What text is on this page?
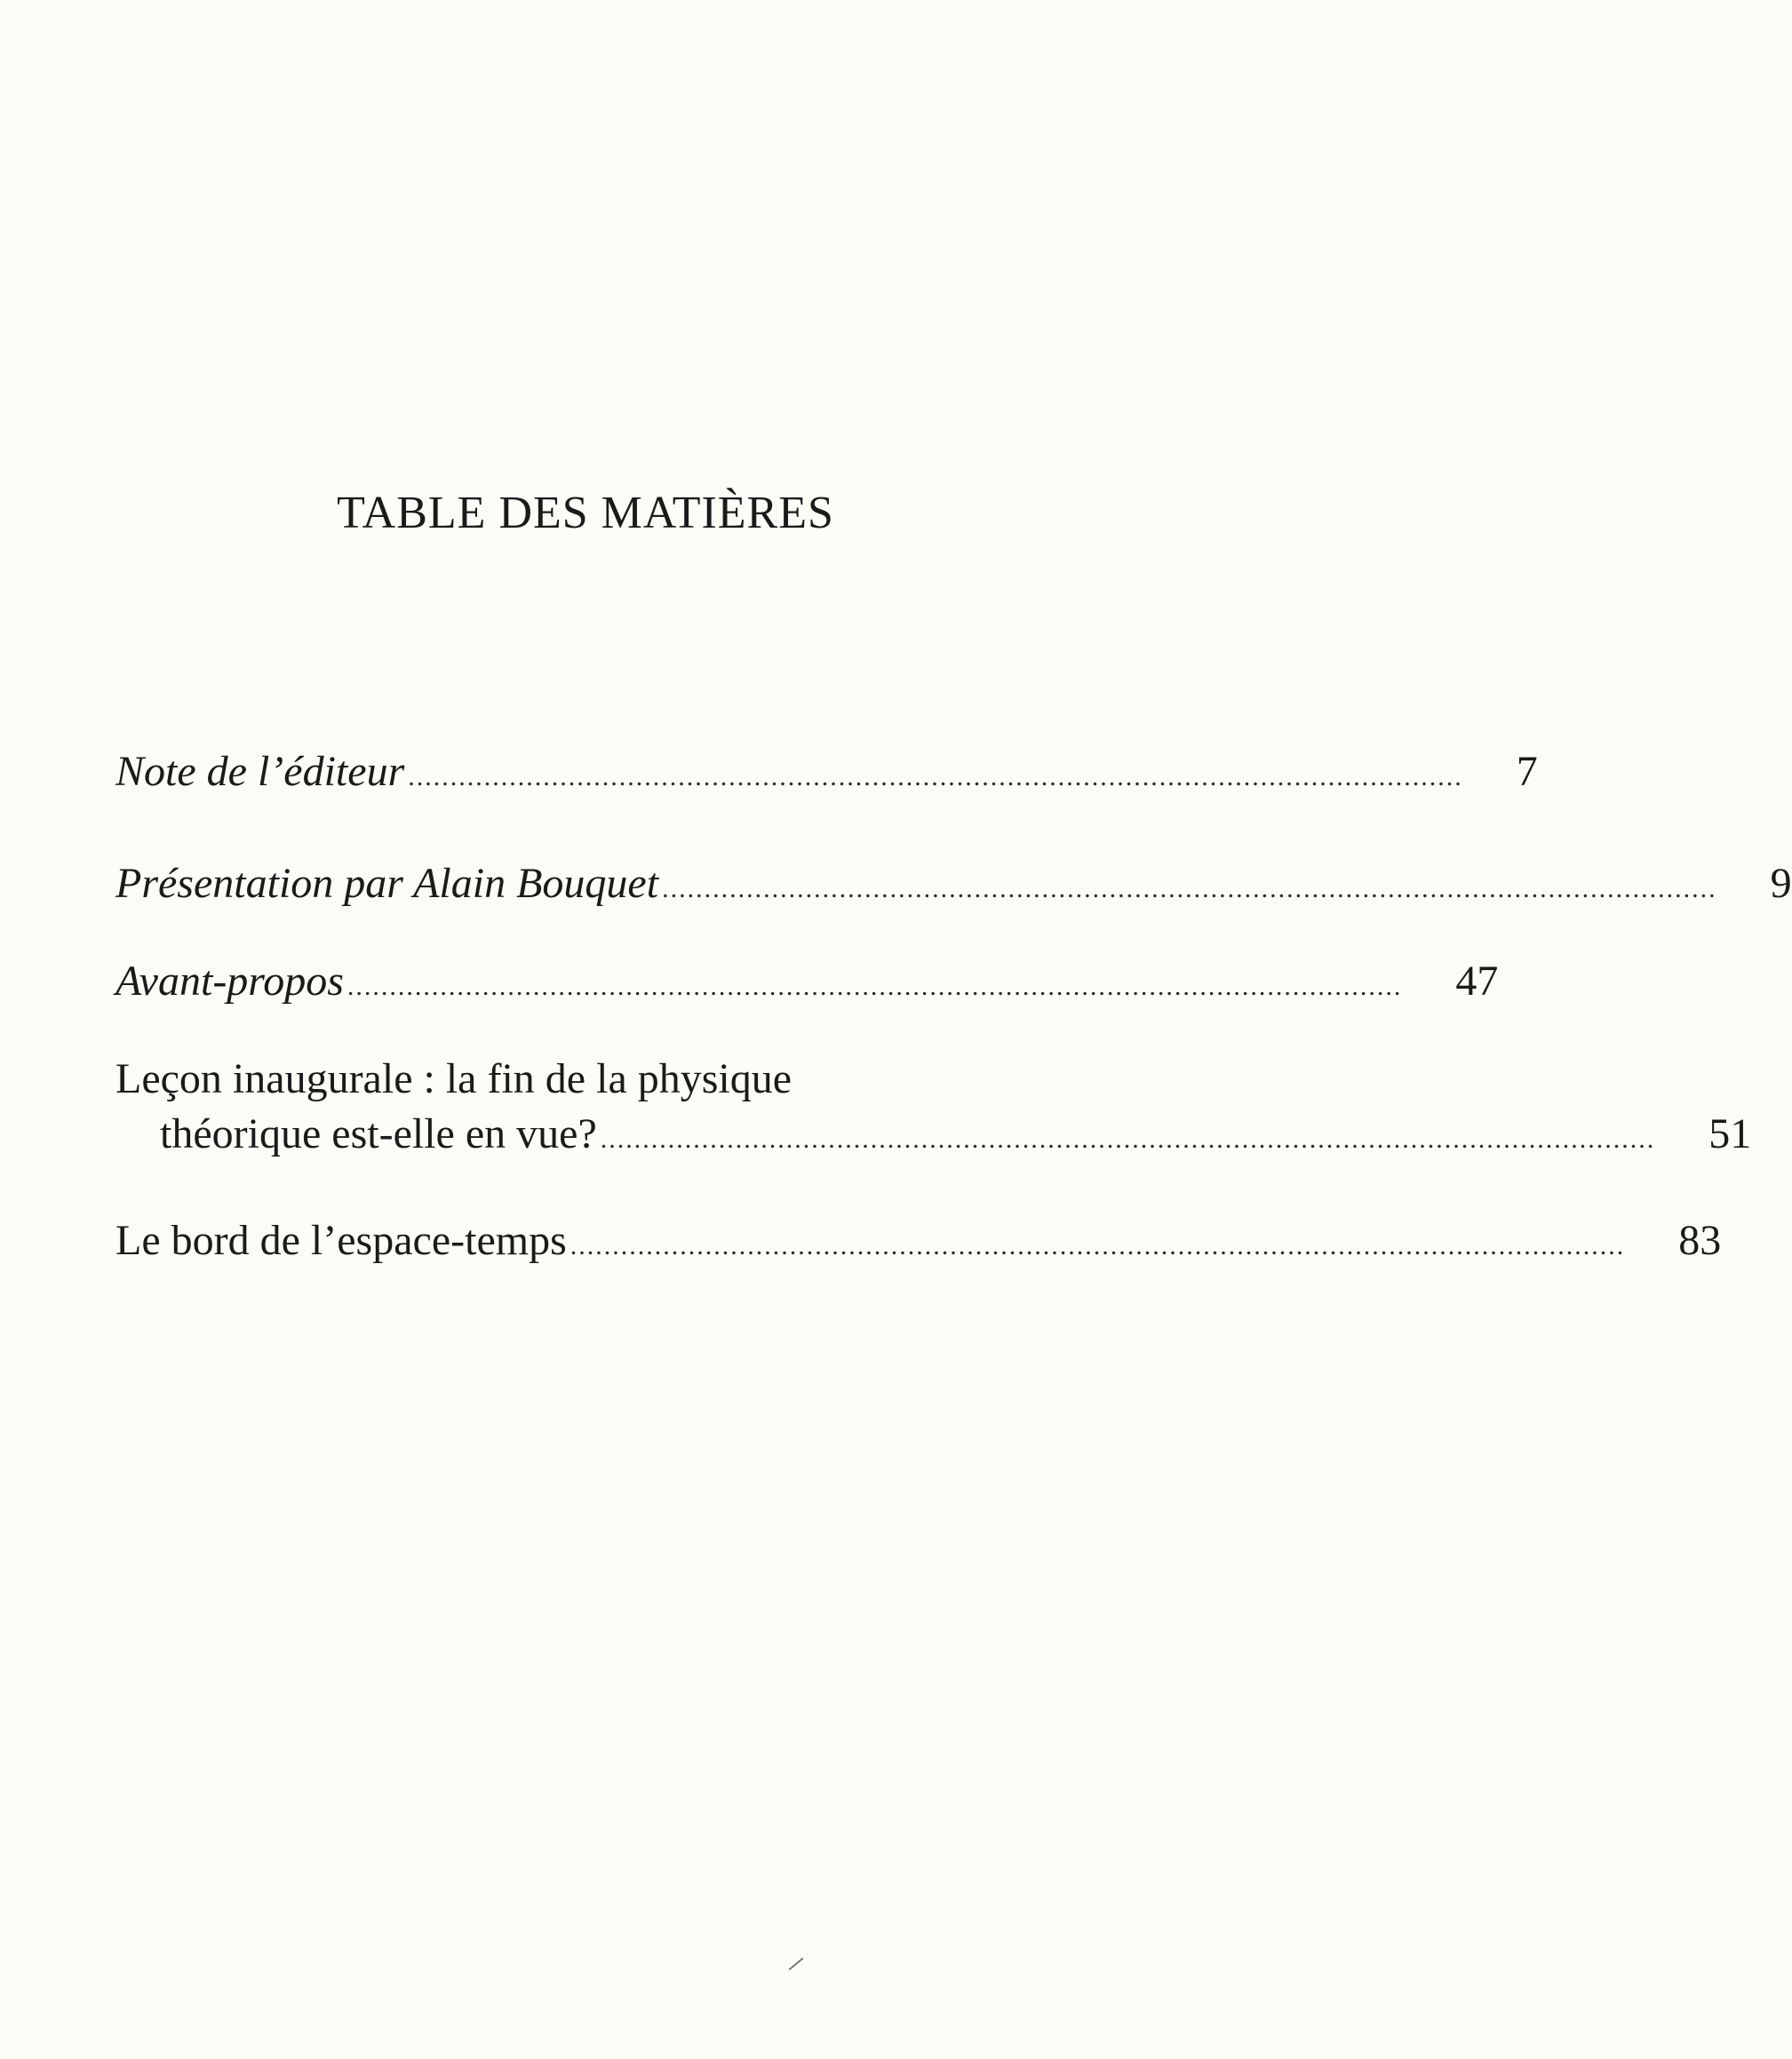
TABLE DES MATIÈRES
Note de l’éditeur ............................................................................................................................. 7
Présentation par Alain Bouquet ............................................................................................................................. 9
Avant-propos ............................................................................................................................. 47
Leçon inaugurale : la fin de la physique
théorique est-elle en vue? ............................................................................................................................. 51
Le bord de l’espace-temps ............................................................................................................................. 83
